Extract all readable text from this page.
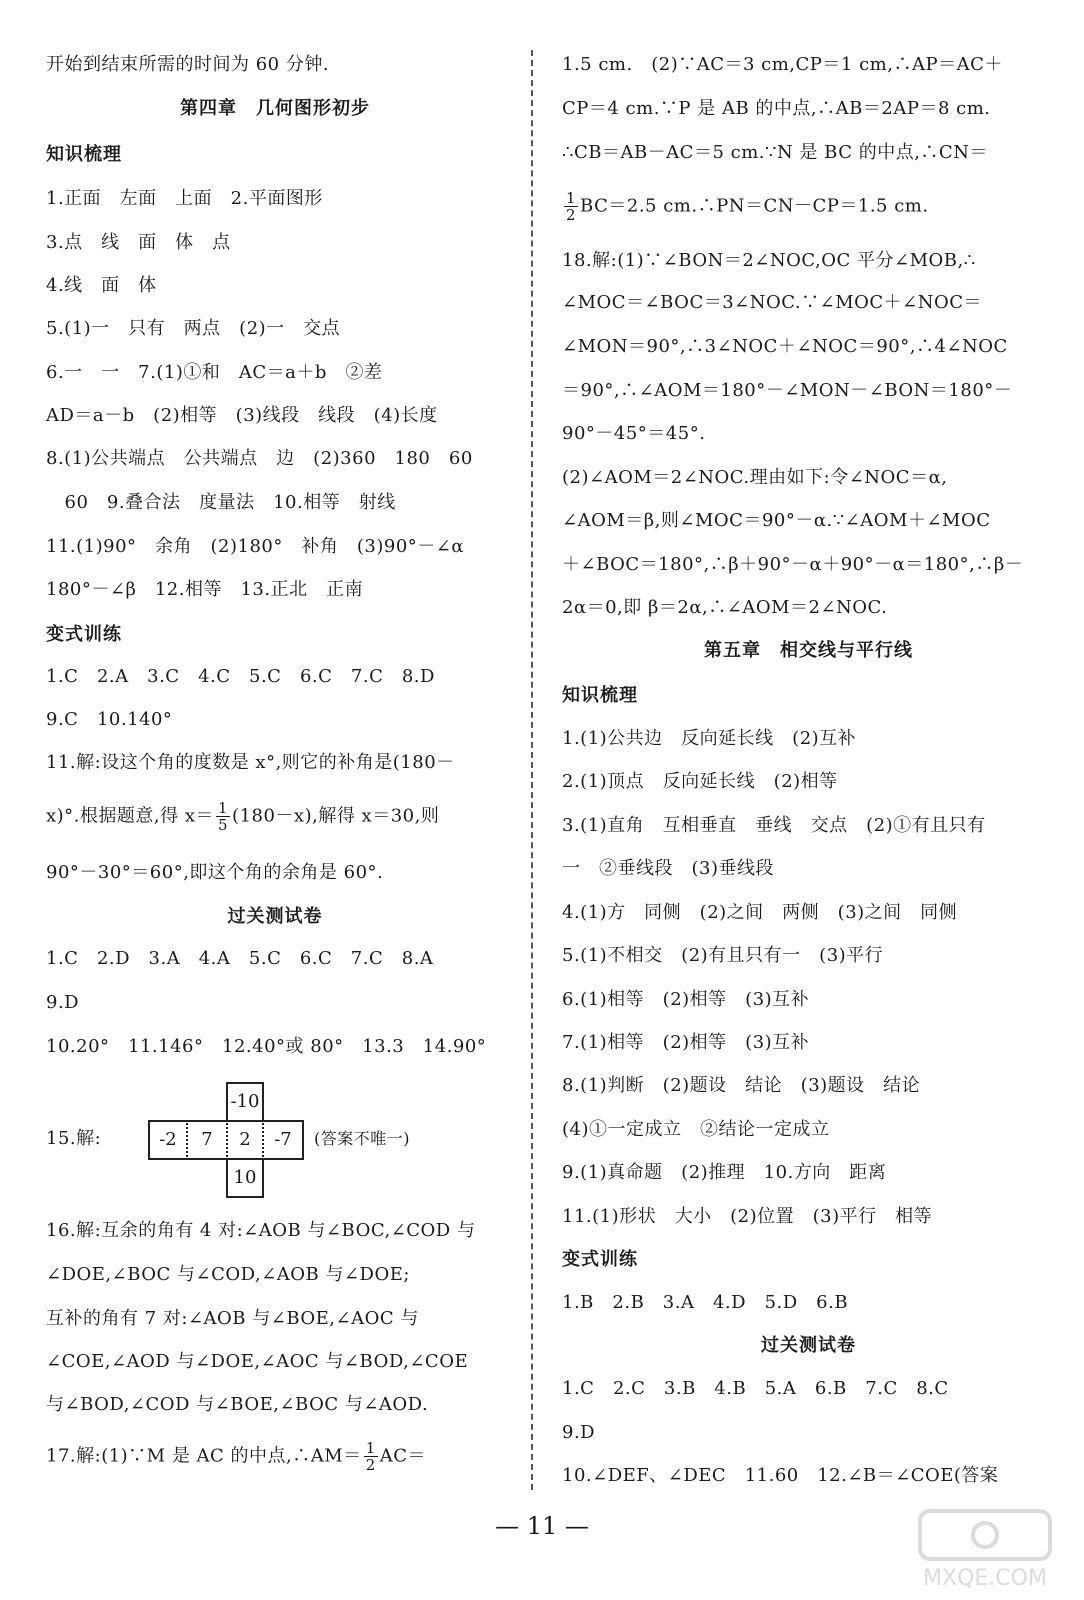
开始到结束所需的时间为 60 分钟.
第四章　几何图形初步
知识梳理
1.正面　左面　上面　2.平面图形
3.点　线　面　体　点
4.线　面　体
5.(1)一　只有　两点　(2)一　交点
6.一　一　7.(1)①和　AC＝a＋b　②差
AD＝a－b　(2)相等　(3)线段　线段　(4)长度
8.(1)公共端点　公共端点　边　(2)360　180　60
　60　9.叠合法　度量法　10.相等　射线
11.(1)90°　余角　(2)180°　补角　(3)90°－∠α
180°－∠β　12.相等　13.正北　正南
变式训练
1.C　2.A　3.C　4.C　5.C　6.C　7.C　8.D
9.C　10.140°
11.解:设这个角的度数是 x°,则它的补角是(180－
x)°.根据题意,得 $x= \frac{1}{5} (180-x)$,解得 x＝30,则
90°－30°＝60°,即这个角的余角是 60°.
过关测试卷
1.C　2.D　3.A　4.A　5.C　6.C　7.C　8.A
9.D
10.20°　11.146°　12.40°或 80°　13.3　14.90°
15.解:
-10
-2	7	2	-7
10
(答案不唯一)
16.解:互余的角有 4 对:∠AOB 与∠BOC,∠COD 与
∠DOE,∠BOC 与∠COD,∠AOB 与∠DOE;
互补的角有 7 对:∠AOB 与∠BOE,∠AOC 与
∠COE,∠AOD 与∠DOE,∠AOC 与∠BOD,∠COE
与∠BOD,∠COD 与∠BOE,∠BOC 与∠AOD.
17.解:(1)∵M 是 AC 的中点,∴AM＝ $\frac{1}{2} AC=$
1.5 cm.　(2)∵AC＝3 cm,CP＝1 cm,∴AP＝AC＋
CP＝4 cm.∵P 是 AB 的中点,∴AB＝2AP＝8 cm.
∴CB＝AB－AC＝5 cm.∵N 是 BC 的中点,∴CN＝
$\frac{1}{2} BC=2.5$ cm.∴PN＝CN－CP＝1.5 cm.
18.解:(1)∵∠BON＝2∠NOC,OC 平分∠MOB,∴
∠MOC＝∠BOC＝3∠NOC.∵∠MOC＋∠NOC＝
∠MON＝90°,∴3∠NOC＋∠NOC＝90°,∴4∠NOC
＝90°,∴∠AOM＝180°－∠MON－∠BON＝180°－
90°－45°＝45°.
(2)∠AOM＝2∠NOC.理由如下:令∠NOC＝α,
∠AOM＝β,则∠MOC＝90°－α.∵∠AOM＋∠MOC
＋∠BOC＝180°,∴β＋90°－α＋90°－α＝180°,∴β－
2α＝0,即 β＝2α,∴∠AOM＝2∠NOC.
第五章　相交线与平行线
知识梳理
1.(1)公共边　反向延长线　(2)互补
2.(1)顶点　反向延长线　(2)相等
3.(1)直角　互相垂直　垂线　交点　(2)①有且只有
一　②垂线段　(3)垂线段
4.(1)方　同侧　(2)之间　两侧　(3)之间　同侧
5.(1)不相交　(2)有且只有一　(3)平行
6.(1)相等　(2)相等　(3)互补
7.(1)相等　(2)相等　(3)互补
8.(1)判断　(2)题设　结论　(3)题设　结论
(4)①一定成立　②结论一定成立
9.(1)真命题　(2)推理　10.方向　距离
11.(1)形状　大小　(2)位置　(3)平行　相等
变式训练
1.B　2.B　3.A　4.D　5.D　6.B
过关测试卷
1.C　2.C　3.B　4.B　5.A　6.B　7.C　8.C
9.D
10.∠DEF、∠DEC　11.60　12.∠B＝∠COE(答案
— 11 —
MXQE.COM
